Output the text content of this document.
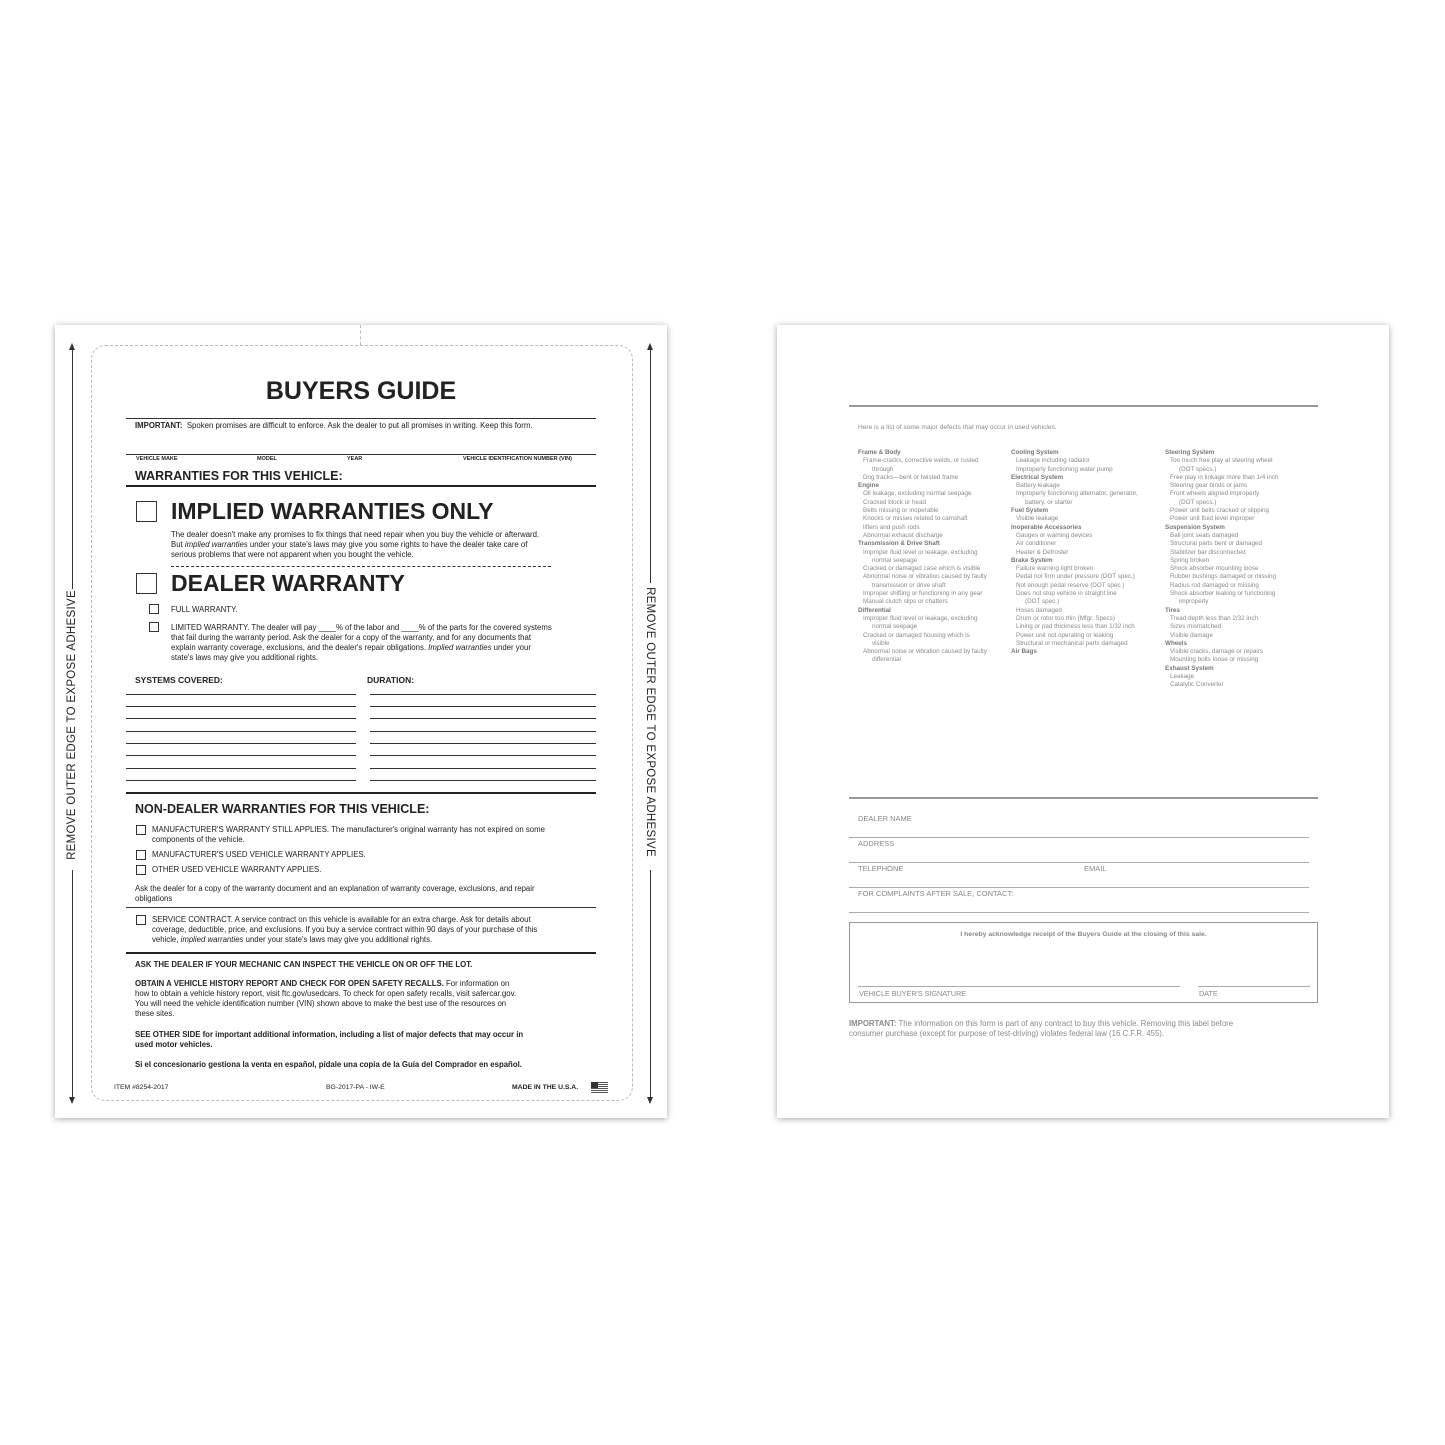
REMOVE OUTER EDGE TO EXPOSE ADHESIVE	REMOVE OUTER EDGE TO EXPOSE ADHESIVE
BUYERS GUIDE
IMPORTANT: Spoken promises are difficult to enforce. Ask the dealer to put all promises in writing. Keep this form.
VEHICLE MAKE	MODEL	YEAR	VEHICLE IDENTIFICATION NUMBER (VIN)
WARRANTIES FOR THIS VEHICLE:
IMPLIED WARRANTIES ONLY
The dealer doesn't make any promises to fix things that need repair when you buy the vehicle or afterward.
But implied warranties under your state's laws may give you some rights to have the dealer take care of
serious problems that were not apparent when you bought the vehicle.
DEALER WARRANTY
FULL WARRANTY.
LIMITED WARRANTY. The dealer will pay ____% of the labor and ____% of the parts for the covered systems
that fail during the warranty period. Ask the dealer for a copy of the warranty, and for any documents that
explain warranty coverage, exclusions, and the dealer's repair obligations. Implied warranties under your
state's laws may give you additional rights.
SYSTEMS COVERED:	DURATION:
NON-DEALER WARRANTIES FOR THIS VEHICLE:
MANUFACTURER'S WARRANTY STILL APPLIES. The manufacturer's original warranty has not expired on some
components of the vehicle.
MANUFACTURER'S USED VEHICLE WARRANTY APPLIES.
OTHER USED VEHICLE WARRANTY APPLIES.
Ask the dealer for a copy of the warranty document and an explanation of warranty coverage, exclusions, and repair
obligations
SERVICE CONTRACT. A service contract on this vehicle is available for an extra charge. Ask for details about
coverage, deductible, price, and exclusions. If you buy a service contract within 90 days of your purchase of this
vehicle, implied warranties under your state's laws may give you additional rights.
ASK THE DEALER IF YOUR MECHANIC CAN INSPECT THE VEHICLE ON OR OFF THE LOT.
OBTAIN A VEHICLE HISTORY REPORT AND CHECK FOR OPEN SAFETY RECALLS. For information on
how to obtain a vehicle history report, visit ftc.gov/usedcars. To check for open safety recalls, visit safercar.gov.
You will need the vehicle identification number (VIN) shown above to make the best use of the resources on
these sites.
SEE OTHER SIDE for important additional information, including a list of major defects that may occur in
used motor vehicles.
Si el concesionario gestiona la venta en español, pídale una copia de la Guía del Comprador en español.
ITEM #8254-2017	BG-2017-PA - IW-E	MADE IN THE U.S.A.
Here is a list of some major defects that may occur in used vehicles.
Frame & Body
Frame-cracks, corrective welds, or rusted
through
Dog tracks—bent or twisted frame
Engine
Oil leakage, excluding normal seepage
Cracked block or head
Belts missing or inoperable
Knocks or misses related to camshaft
lifters and push rods
Abnormal exhaust discharge
Transmission & Drive Shaft
Improper fluid level or leakage, excluding
normal seepage
Cracked or damaged case which is visible
Abnormal noise or vibration caused by faulty
transmission or drive shaft
Improper shifting or functioning in any gear
Manual clutch slips or chatters
Differential
Improper fluid level or leakage, excluding
normal seepage
Cracked or damaged housing which is
visible
Abnormal noise or vibration caused by faulty
differential
Cooling System
Leakage including radiator
Improperly functioning water pump
Electrical System
Battery leakage
Improperly functioning alternator, generator,
battery, or starter
Fuel System
Visible leakage
Inoperable Accessories
Gauges or warning devices
Air conditioner
Heater & Defroster
Brake System
Failure warning light broken
Pedal not firm under pressure (DOT spec.)
Not enough pedal reserve (DOT spec.)
Does not stop vehicle in straight line
(DOT spec.)
Hoses damaged
Drum or rotor too thin (Mfgr. Specs)
Lining or pad thickness less than 1/32 inch
Power unit not operating or leaking
Structural or mechanical parts damaged
Air Bags
Steering System
Too much free play at steering wheel
(DOT specs.)
Free play in linkage more than 1/4 inch
Steering gear binds or jams
Front wheels aligned improperly
(DOT specs.)
Power unit belts cracked or slipping
Power unit fluid level improper
Suspension System
Ball joint seals damaged
Structural parts bent or damaged
Stabilizer bar disconnected
Spring broken
Shock absorber mounting loose
Rubber bushings damaged or missing
Radius rod damaged or missing
Shock absorber leaking or functioning
improperly
Tires
Tread depth less than 2/32 inch
Sizes mismatched
Visible damage
Wheels
Visible cracks, damage or repairs
Mounting bolts loose or missing
Exhaust System
Leakage
Catalytic Converter
DEALER NAME
ADDRESS
TELEPHONE	EMAIL
FOR COMPLAINTS AFTER SALE, CONTACT:
I hereby acknowledge receipt of the Buyers Guide at the closing of this sale.
VEHICLE BUYER'S SIGNATURE	DATE
IMPORTANT: The information on this form is part of any contract to buy this vehicle. Removing this label before
consumer purchase (except for purpose of test-driving) violates federal law (16 C.F.R. 455).
